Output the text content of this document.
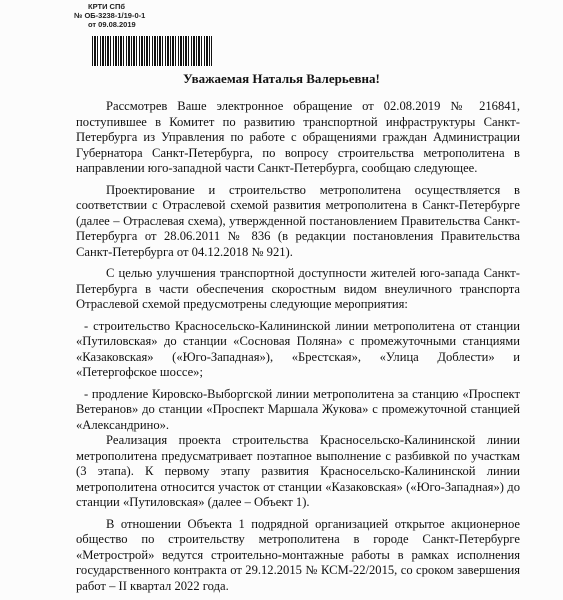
КРТИ СПб
№ ОБ-3238-1/19-0-1
от 09.08.2019
Уважаемая Наталья Валерьевна!

Рассмотрев Ваше электронное обращение от 02.08.2019 № 216841, поступившее в Комитет по развитию транспортной инфраструктуры Санкт-Петербурга из Управления по работе с обращениями граждан Администрации Губернатора Санкт-Петербурга, по вопросу строительства метрополитена в направлении юго-западной части Санкт-Петербурга, сообщаю следующее.

Проектирование и строительство метрополитена осуществляется в соответствии с Отраслевой схемой развития метрополитена в Санкт-Петербурге (далее – Отраслевая схема), утвержденной постановлением Правительства Санкт-Петербурга от 28.06.2011 № 836 (в редакции постановления Правительства Санкт-Петербурга от 04.12.2018 № 921).

С целью улучшения транспортной доступности жителей юго-запада Санкт-Петербурга в части обеспечения скоростным видом внеуличного транспорта Отраслевой схемой предусмотрены следующие мероприятия:

- строительство Красносельско-Калининской линии метрополитена от станции «Путиловская» до станции «Сосновая Поляна» с промежуточными станциями «Казаковская» («Юго-Западная»), «Брестская», «Улица Доблести» и «Петергофское шоссе»;

- продление Кировско-Выборгской линии метрополитена за станцию «Проспект Ветеранов» до станции «Проспект Маршала Жукова» с промежуточной станцией «Александрино».

Реализация проекта строительства Красносельско-Калининской линии метрополитена предусматривает поэтапное выполнение с разбивкой по участкам (3 этапа). К первому этапу развития Красносельско-Калининской линии метрополитена относится участок от станции «Казаковская» («Юго-Западная») до станции «Путиловская» (далее – Объект 1).

В отношении Объекта 1 подрядной организацией открытое акционерное общество по строительству метрополитена в городе Санкт-Петербурге «Метрострой» ведутся строительно-монтажные работы в рамках исполнения государственного контракта от 29.12.2015 № КСМ-22/2015, со сроком завершения работ – II квартал 2022 года.
